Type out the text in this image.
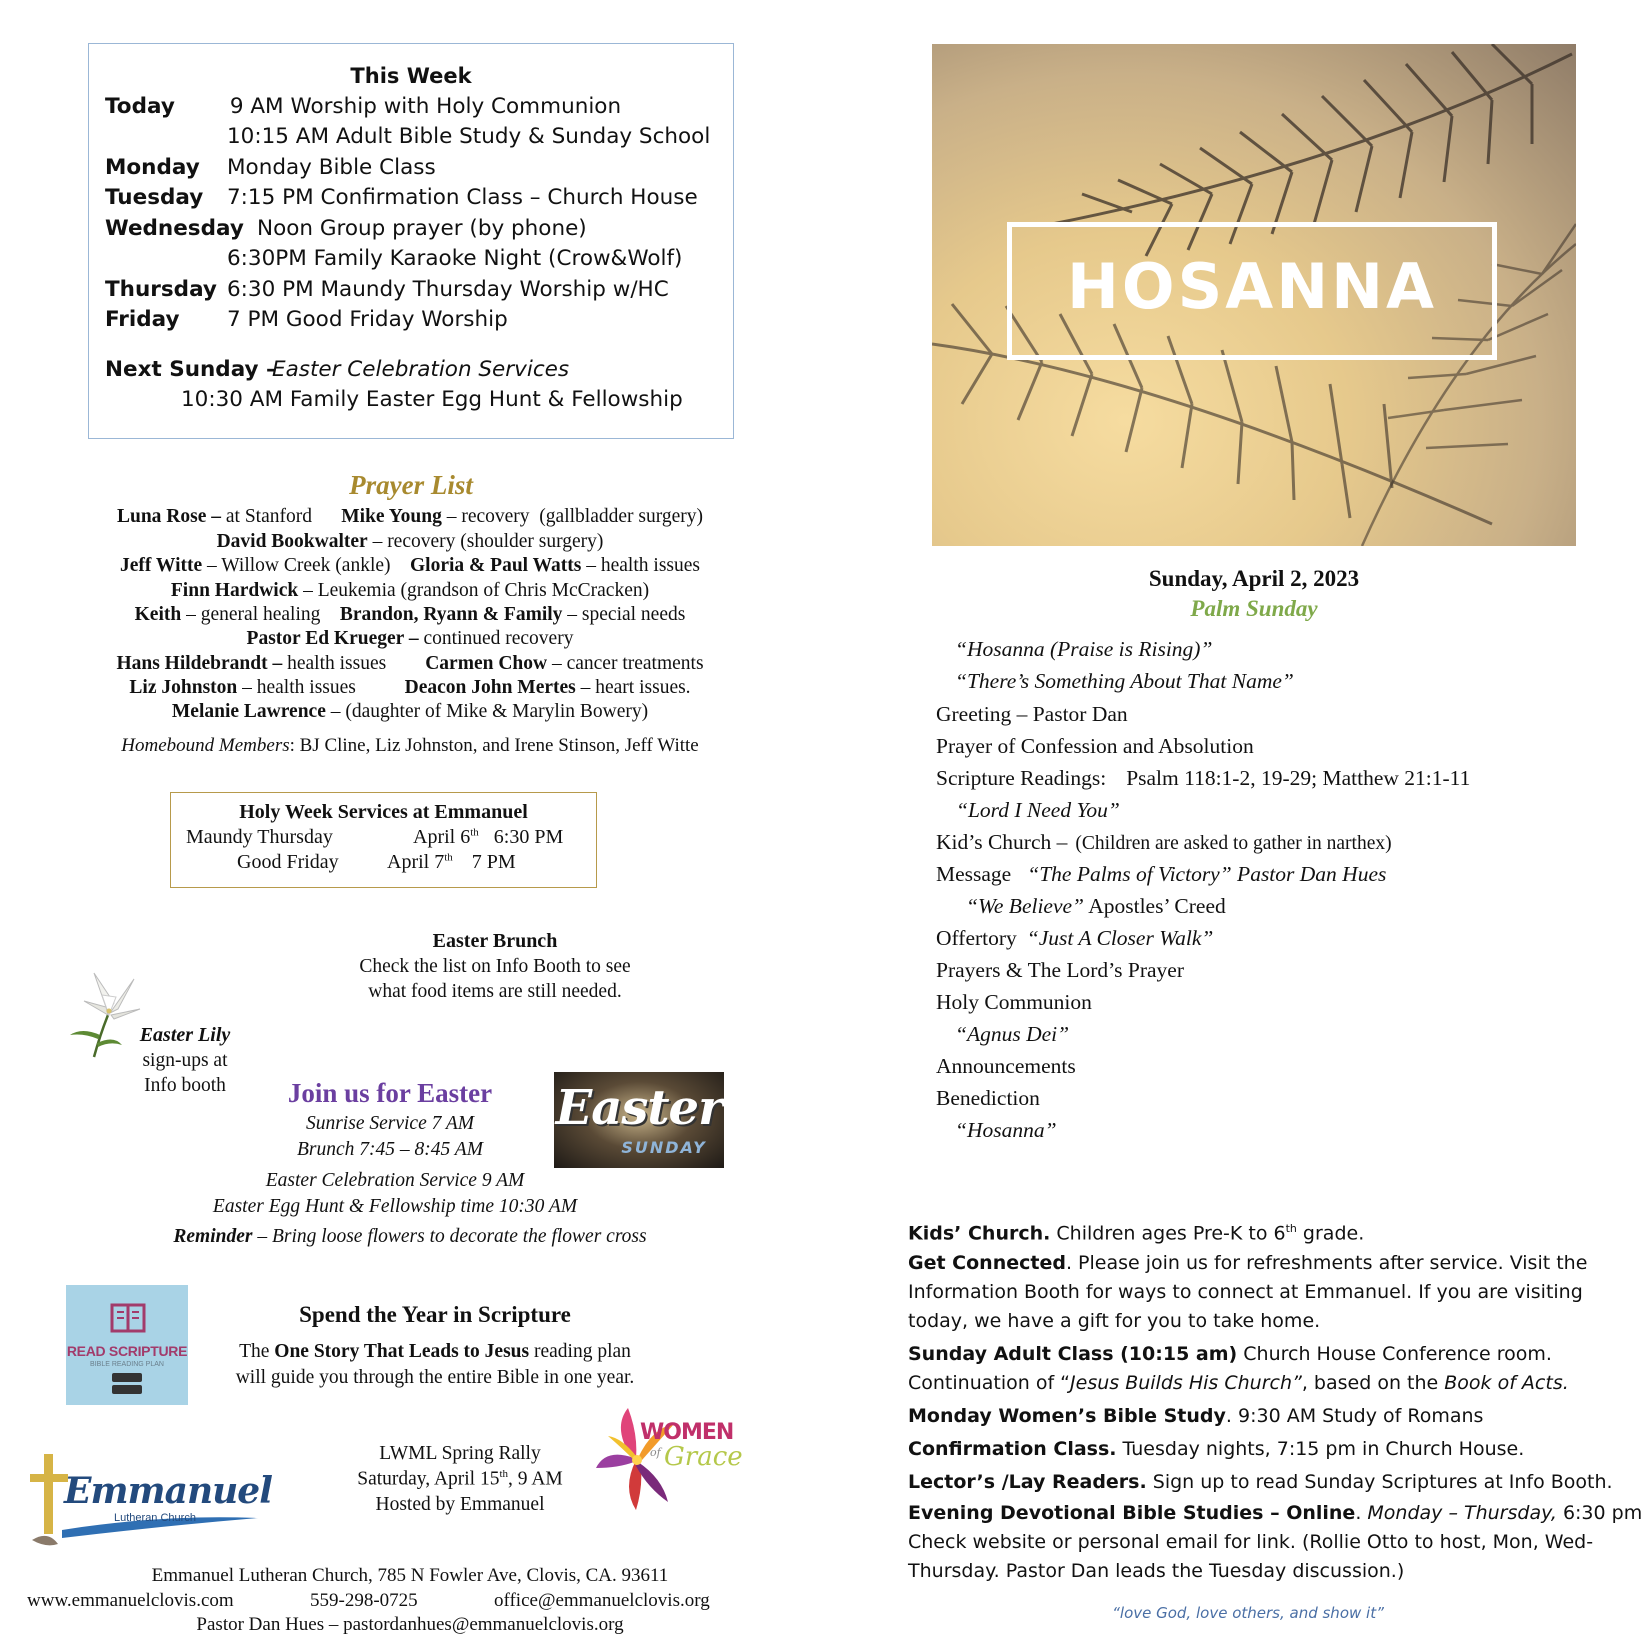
This Week
Today 9 AM Worship with Holy Communion
10:15 AM Adult Bible Study & Sunday School
Monday Monday Bible Class
Tuesday 7:15 PM Confirmation Class – Church House
Wednesday Noon Group prayer (by phone)
6:30PM Family Karaoke Night (Crow&Wolf)
Thursday 6:30 PM Maundy Thursday Worship w/HC
Friday 7 PM Good Friday Worship
Next Sunday –
Easter Celebration Services
10:30 AM Family Easter Egg Hunt & Fellowship
Prayer List
Luna Rose – at Stanford      Mike Young – recovery  (gallbladder surgery)
David Bookwalter – recovery (shoulder surgery)
Jeff Witte – Willow Creek (ankle)    Gloria & Paul Watts – health issues
Finn Hardwick – Leukemia (grandson of Chris McCracken)
Keith – general healing    Brandon, Ryann & Family – special needs
Pastor Ed Krueger – continued recovery
Hans Hildebrandt – health issues        Carmen Chow – cancer treatments
Liz Johnston – health issues          Deacon John Mertes – heart issues.
Melanie Lawrence – (daughter of Mike & Marylin Bowery)
Homebound Members: BJ Cline, Liz Johnston, and Irene Stinson, Jeff Witte
Holy Week Services at Emmanuel
Maundy Thursday	April 6th 6:30 PM
Good Friday April 7th 7 PM
Easter Brunch
Check the list on Info Booth to see
what food items are still needed.
Easter Lily
sign-ups at
Info booth	Join us for Easter
Sunrise Service 7 AM
Brunch 7:45 – 8:45 AM
Easter Celebration Service 9 AM
Easter Egg Hunt & Fellowship time 10:30 AM
Reminder – Bring loose flowers to decorate the flower cross
Easter
SUNDAY
READ SCRIPTURE
BIBLE READING PLAN
Spend the Year in Scripture
The One Story That Leads to Jesus reading plan
will guide you through the entire Bible in one year.
Emmanuel
Lutheran Church
LWML Spring Rally
Saturday, April 15th, 9 AM
Hosted by Emmanuel
WOMEN
of Grace
Emmanuel Lutheran Church, 785 N Fowler Ave, Clovis, CA. 93611
www.emmanuelclovis.com	559-298-0725	office@emmanuelclovis.org
Pastor Dan Hues – pastordanhues@emmanuelclovis.org
HOSANNA
Sunday, April 2, 2023
Palm Sunday
“Hosanna (Praise is Rising)”
“There’s Something About That Name”
Greeting – Pastor Dan
Prayer of Confession and Absolution
Scripture Readings: Psalm 118:1-2, 19-29; Matthew 21:1-11
“Lord I Need You”
Kid’s Church – (Children are asked to gather in narthex)
Message “The Palms of Victory” Pastor Dan Hues
“We Believe” Apostles’ Creed
Offertory “Just A Closer Walk”
Prayers & The Lord’s Prayer
Holy Communion
“Agnus Dei”
Announcements
Benediction
“Hosanna”
Kids’ Church. Children ages Pre-K to 6th grade.
Get Connected. Please join us for refreshments after service. Visit the
Information Booth for ways to connect at Emmanuel. If you are visiting
today, we have a gift for you to take home.
Sunday Adult Class (10:15 am) Church House Conference room.
Continuation of “Jesus Builds His Church”, based on the Book of Acts.
Monday Women’s Bible Study. 9:30 AM Study of Romans
Confirmation Class. Tuesday nights, 7:15 pm in Church House.
Lector’s /Lay Readers. Sign up to read Sunday Scriptures at Info Booth.
Evening Devotional Bible Studies – Online. Monday – Thursday, 6:30 pm
Check website or personal email for link. (Rollie Otto to host, Mon, Wed-
Thursday. Pastor Dan leads the Tuesday discussion.)
“love God, love others, and show it”
